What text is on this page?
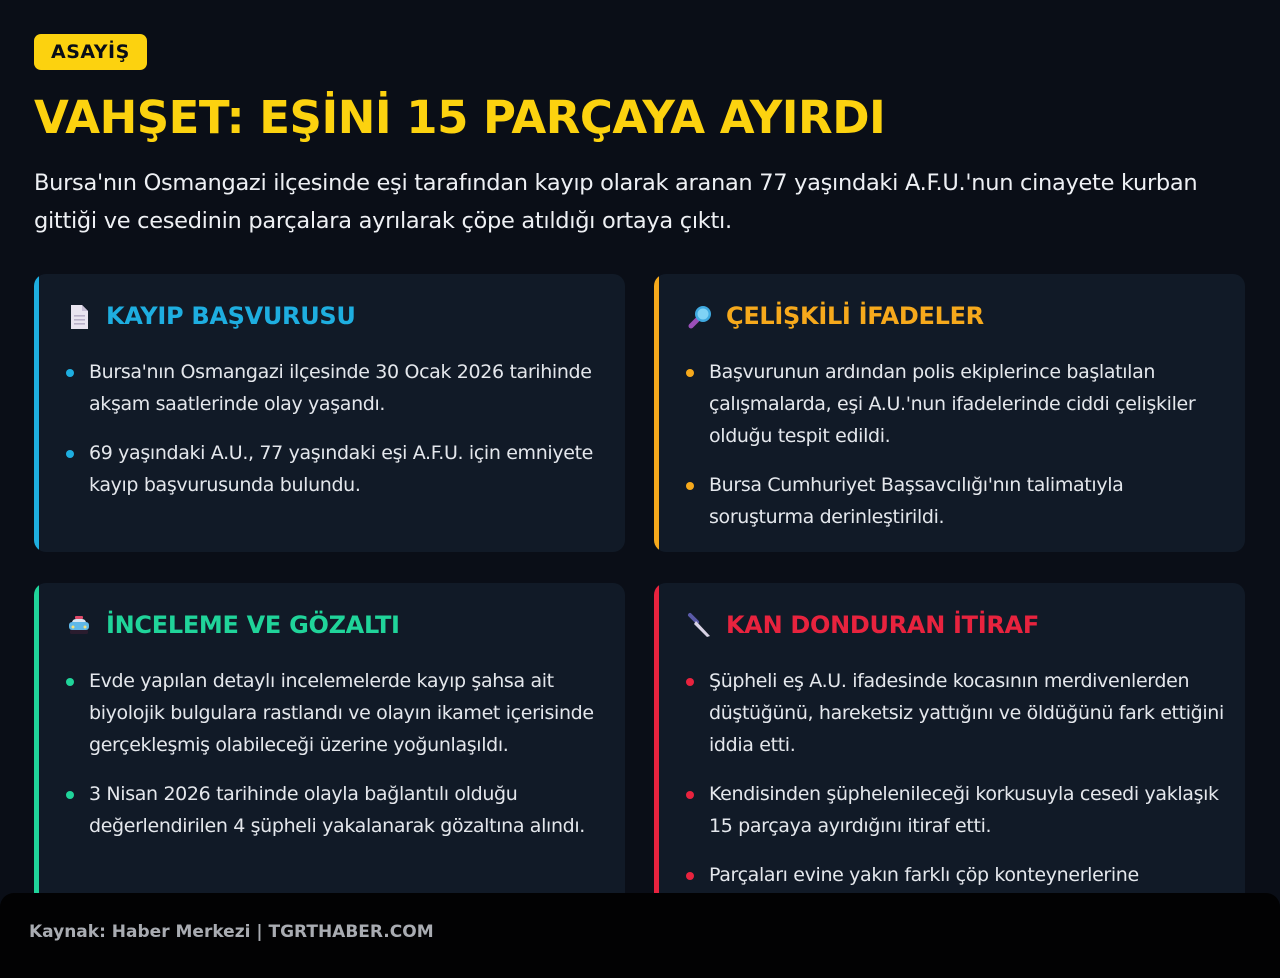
ASAYİŞ
VAHŞET: EŞİNİ 15 PARÇAYA AYIRDI

Bursa'nın Osmangazi ilçesinde eşi tarafından kayıp olarak aranan 77 yaşındaki A.F.U.'nun cinayete kurban gittiği ve cesedinin parçalara ayrılarak çöpe atıldığı ortaya çıktı.

KAYIP BAŞVURUSU
Bursa'nın Osmangazi ilçesinde 30 Ocak 2026 tarihinde akşam saatlerinde olay yaşandı.
69 yaşındaki A.U., 77 yaşındaki eşi A.F.U. için emniyete kayıp başvurusunda bulundu.
ÇELİŞKİLİ İFADELER
Başvurunun ardından polis ekiplerince başlatılan çalışmalarda, eşi A.U.'nun ifadelerinde ciddi çelişkiler olduğu tespit edildi.
Bursa Cumhuriyet Başsavcılığı'nın talimatıyla soruşturma derinleştirildi.
İNCELEME VE GÖZALTI
Evde yapılan detaylı incelemelerde kayıp şahsa ait biyolojik bulgulara rastlandı ve olayın ikamet içerisinde gerçekleşmiş olabileceği üzerine yoğunlaşıldı.
3 Nisan 2026 tarihinde olayla bağlantılı olduğu değerlendirilen 4 şüpheli yakalanarak gözaltına alındı.
KAN DONDURAN İTİRAF
Şüpheli eş A.U. ifadesinde kocasının merdivenlerden düştüğünü, hareketsiz yattığını ve öldüğünü fark ettiğini iddia etti.
Kendisinden şüphelenileceği korkusuyla cesedi yaklaşık 15 parçaya ayırdığını itiraf etti.
Parçaları evine yakın farklı çöp konteynerlerine
Kaynak: Haber Merkezi | TGRTHABER.COM
